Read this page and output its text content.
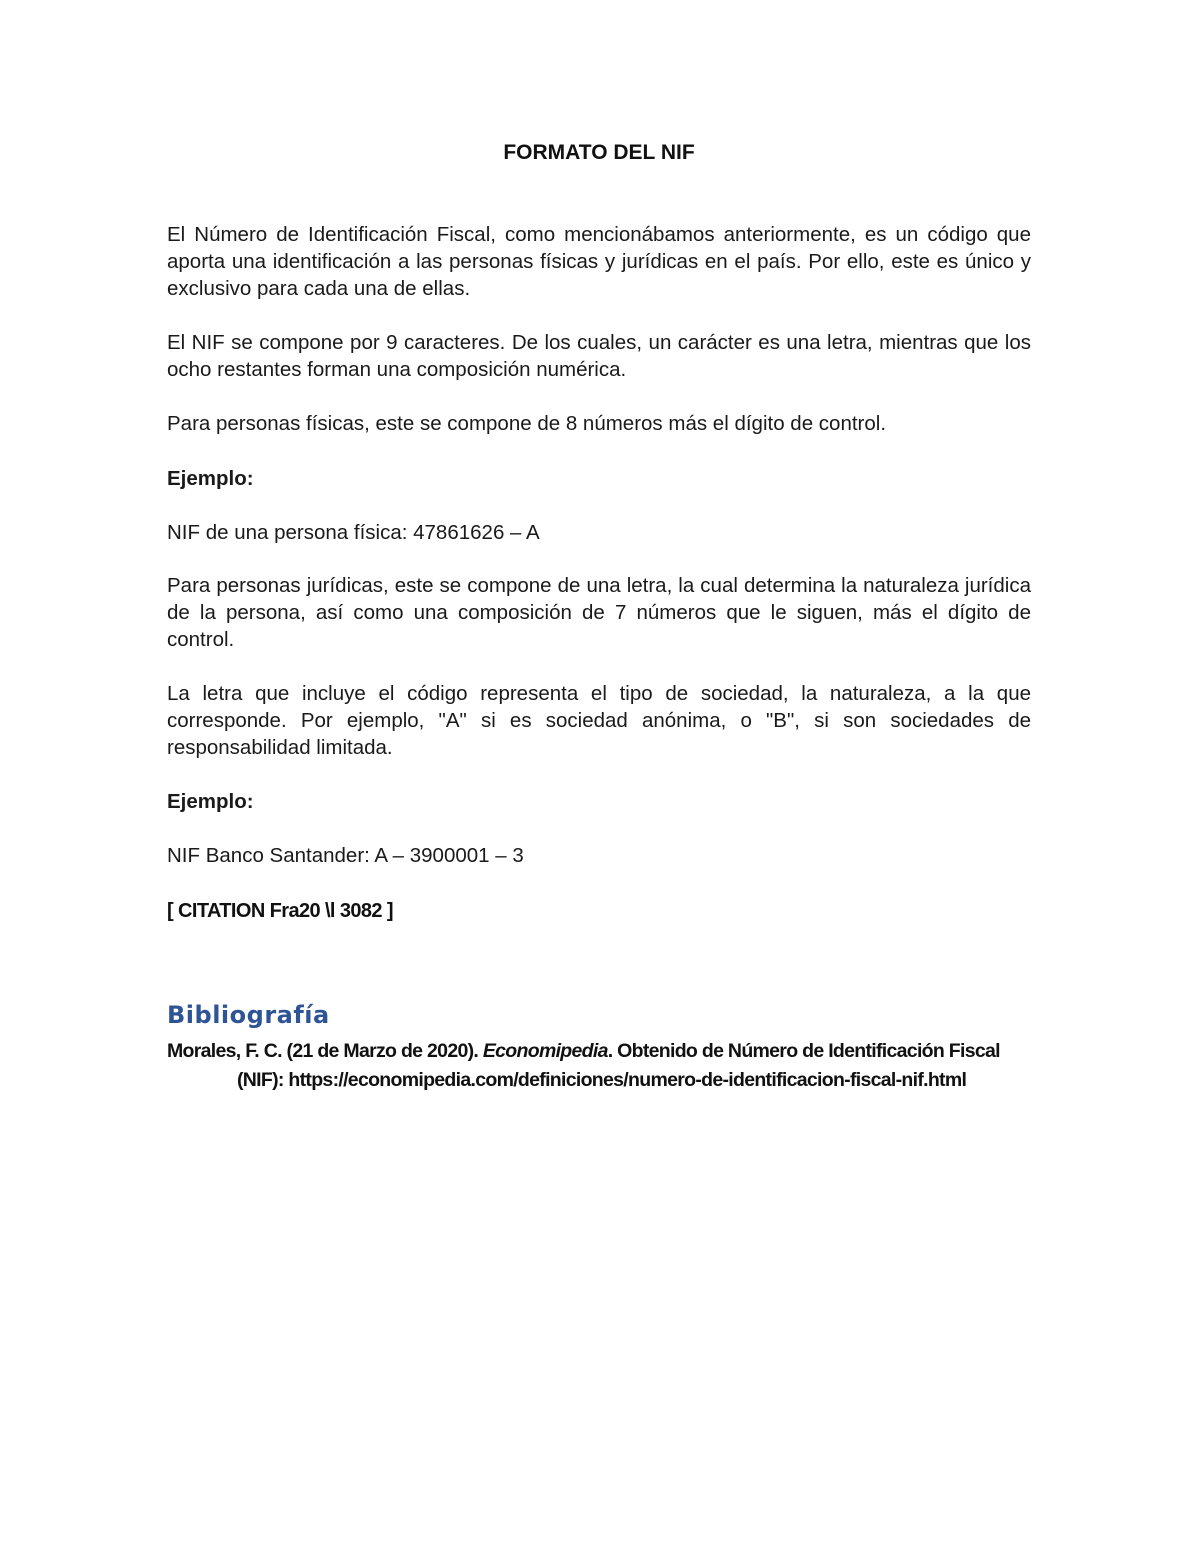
FORMATO DEL NIF

El Número de Identificación Fiscal, como mencionábamos anteriormente, es un código que aporta una identificación a las personas físicas y jurídicas en el país. Por ello, este es único y exclusivo para cada una de ellas.

El NIF se compone por 9 caracteres. De los cuales, un carácter es una letra, mientras que los ocho restantes forman una composición numérica.

Para personas físicas, este se compone de 8 números más el dígito de control.

Ejemplo:

NIF de una persona física: 47861626 – A

Para personas jurídicas, este se compone de una letra, la cual determina la naturaleza jurídica de la persona, así como una composición de 7 números que le siguen, más el dígito de control.

La letra que incluye el código representa el tipo de sociedad, la naturaleza, a la que corresponde. Por ejemplo, "A" si es sociedad anónima, o "B", si son sociedades de responsabilidad limitada.

Ejemplo:

NIF Banco Santander: A – 3900001 – 3

[ CITATION Fra20 \l 3082 ]
Bibliografía
Morales, F. C. (21 de Marzo de 2020). Economipedia. Obtenido de Número de Identificación Fiscal (NIF): https://economipedia.com/definiciones/numero-de-identificacion-fiscal-nif.html
